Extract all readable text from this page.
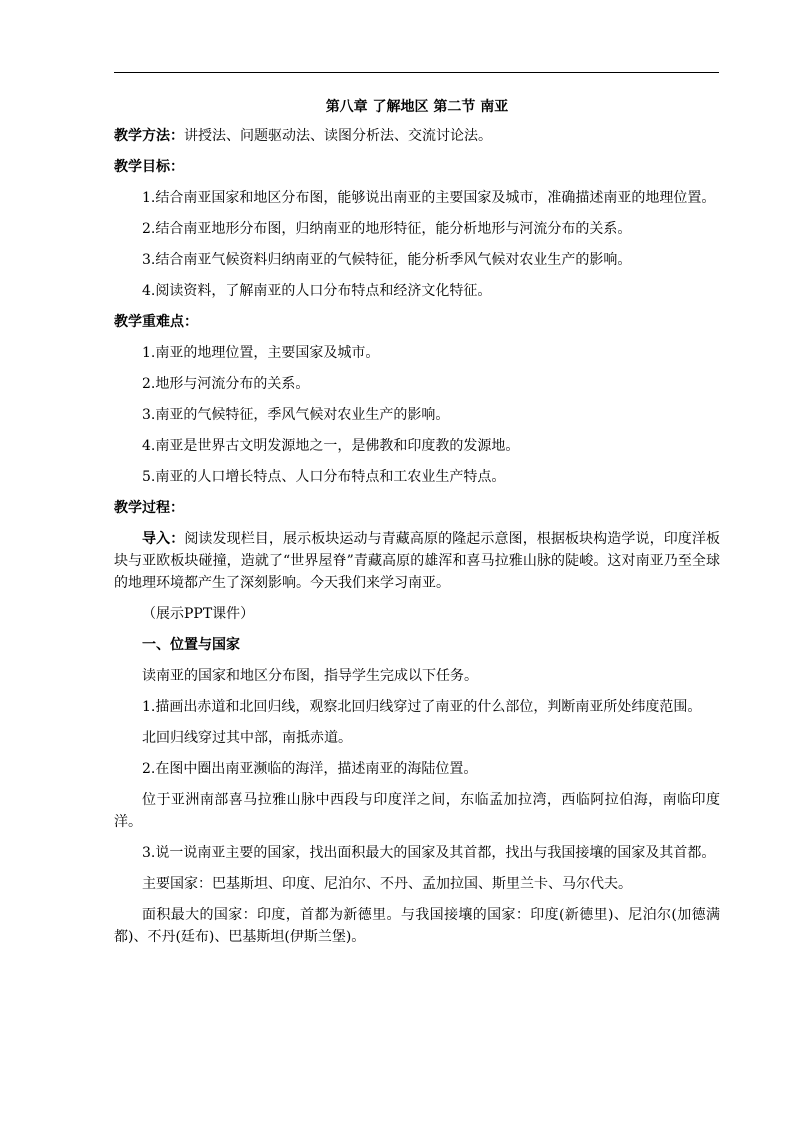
第八章 了解地区 第二节 南亚
教学方法：讲授法、问题驱动法、读图分析法、交流讨论法。
教学目标：
1.结合南亚国家和地区分布图，能够说出南亚的主要国家及城市，准确描述南亚的地理位置。
2.结合南亚地形分布图，归纳南亚的地形特征，能分析地形与河流分布的关系。
3.结合南亚气候资料归纳南亚的气候特征，能分析季风气候对农业生产的影响。
4.阅读资料，了解南亚的人口分布特点和经济文化特征。
教学重难点：
1.南亚的地理位置，主要国家及城市。
2.地形与河流分布的关系。
3.南亚的气候特征，季风气候对农业生产的影响。
4.南亚是世界古文明发源地之一，是佛教和印度教的发源地。
5.南亚的人口增长特点、人口分布特点和工农业生产特点。
教学过程：
导入：阅读发现栏目，展示板块运动与青藏高原的隆起示意图，根据板块构造学说，印度洋板块与亚欧板块碰撞，造就了“世界屋脊”青藏高原的雄浑和喜马拉雅山脉的陡峻。这对南亚乃至全球的地理环境都产生了深刻影响。今天我们来学习南亚。
（展示PPT课件）
一、位置与国家
读南亚的国家和地区分布图，指导学生完成以下任务。
1.描画出赤道和北回归线，观察北回归线穿过了南亚的什么部位，判断南亚所处纬度范围。
北回归线穿过其中部，南抵赤道。
2.在图中圈出南亚濒临的海洋，描述南亚的海陆位置。
位于亚洲南部喜马拉雅山脉中西段与印度洋之间，东临孟加拉湾，西临阿拉伯海，南临印度洋。
3.说一说南亚主要的国家，找出面积最大的国家及其首都，找出与我国接壤的国家及其首都。
主要国家：巴基斯坦、印度、尼泊尔、不丹、孟加拉国、斯里兰卡、马尔代夫。
面积最大的国家：印度，首都为新德里。与我国接壤的国家：印度(新德里)、尼泊尔(加德满都)、不丹(廷布)、巴基斯坦(伊斯兰堡)。
